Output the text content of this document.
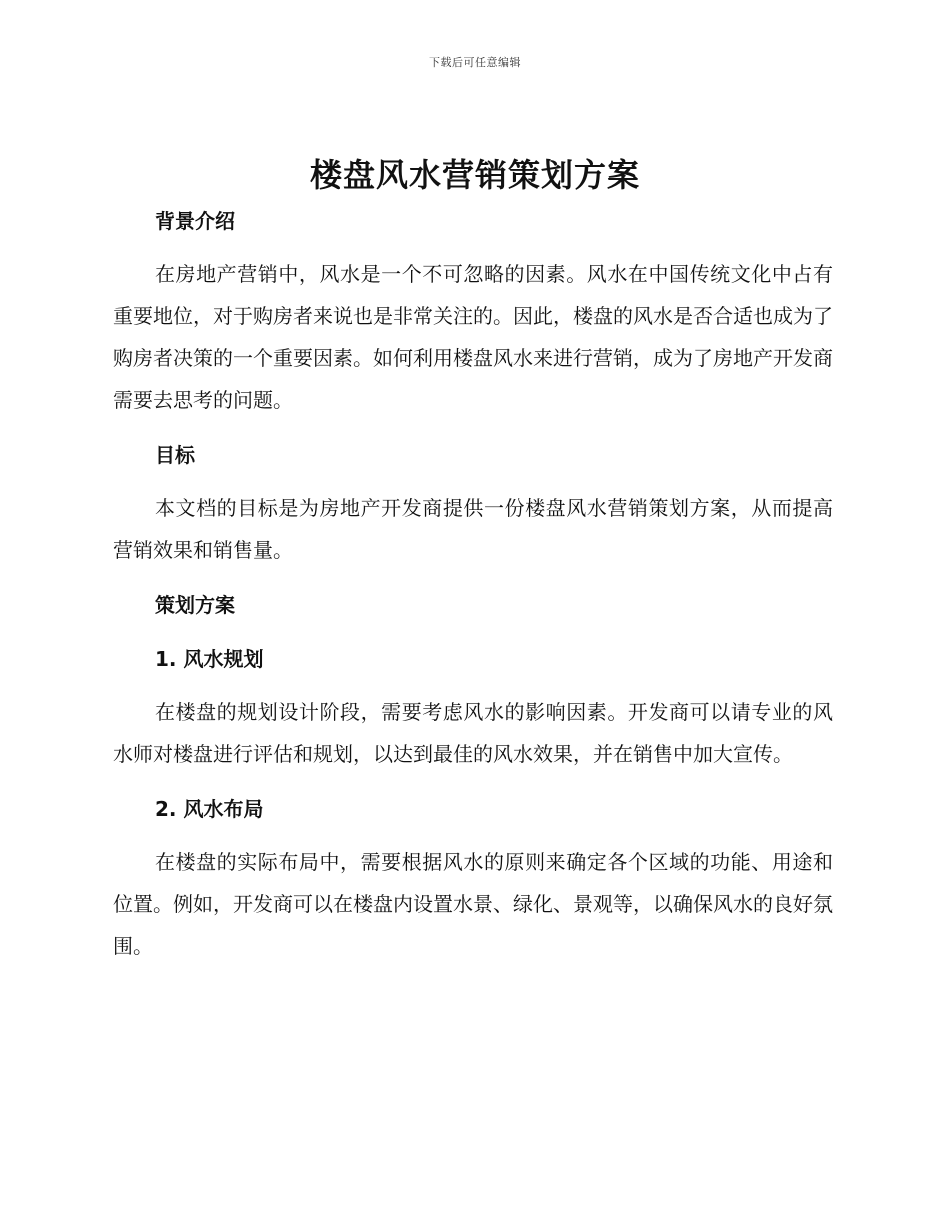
下载后可任意编辑
楼盘风水营销策划方案
背景介绍

在房地产营销中，风水是一个不可忽略的因素。风水在中国传统文化中占有重要地位，对于购房者来说也是非常关注的。因此，楼盘的风水是否合适也成为了购房者决策的一个重要因素。如何利用楼盘风水来进行营销，成为了房地产开发商需要去思考的问题。

目标

本文档的目标是为房地产开发商提供一份楼盘风水营销策划方案，从而提高营销效果和销售量。

策划方案
1. 风水规划

在楼盘的规划设计阶段，需要考虑风水的影响因素。开发商可以请专业的风水师对楼盘进行评估和规划，以达到最佳的风水效果，并在销售中加大宣传。

2. 风水布局

在楼盘的实际布局中，需要根据风水的原则来确定各个区域的功能、用途和位置。例如，开发商可以在楼盘内设置水景、绿化、景观等，以确保风水的良好氛围。
